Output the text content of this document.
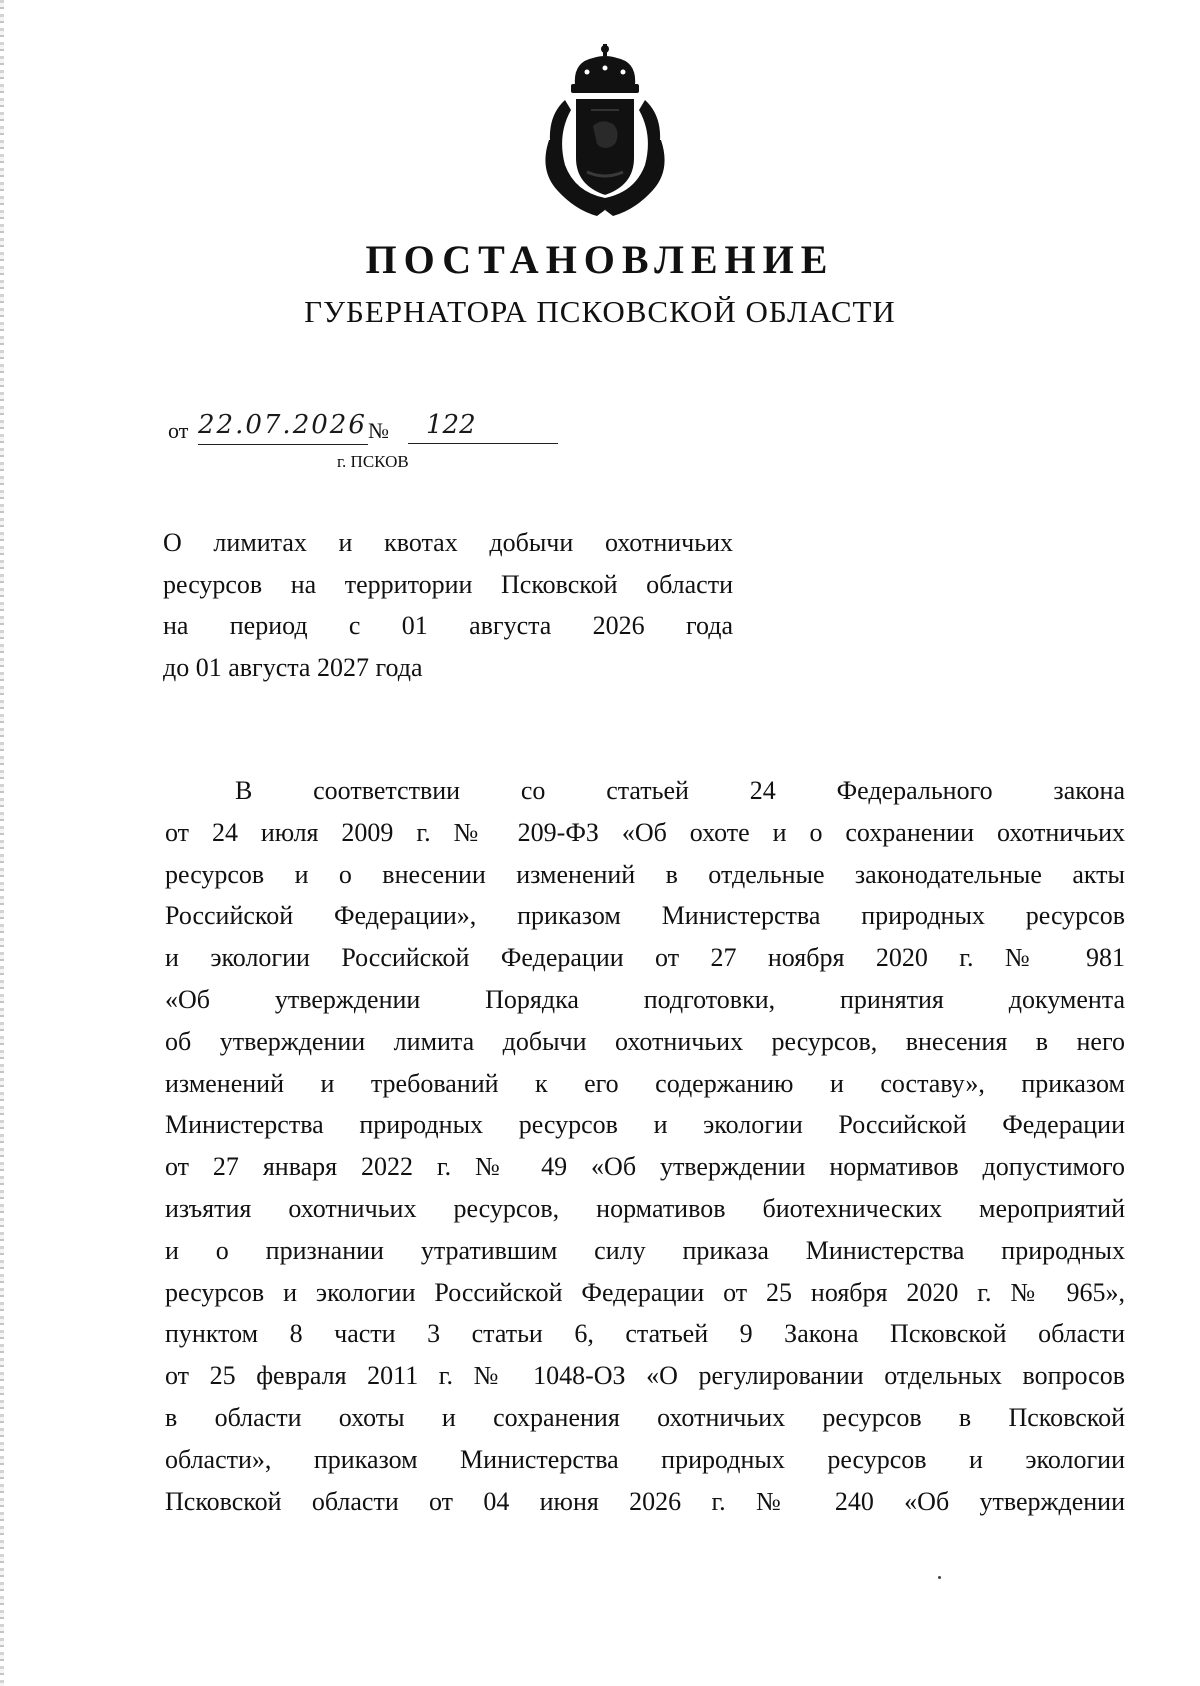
ПОСТАНОВЛЕНИЕ
ГУБЕРНАТОРА ПСКОВСКОЙ ОБЛАСТИ
от 22.07.2026 №	122
г. ПСКОВ
О лимитах и квотах добычи охотничьих
ресурсов на территории Псковской области
на период с 01 августа 2026 года
до 01 августа 2027 года
В соответствии со статьей 24 Федерального закона
от 24 июля 2009 г. № 209-ФЗ «Об охоте и о сохранении охотничьих
ресурсов и о внесении изменений в отдельные законодательные акты
Российской Федерации», приказом Министерства природных ресурсов
и экологии Российской Федерации от 27 ноября 2020 г. № 981
«Об утверждении Порядка подготовки, принятия документа
об утверждении лимита добычи охотничьих ресурсов, внесения в него
изменений и требований к его содержанию и составу», приказом
Министерства природных ресурсов и экологии Российской Федерации
от 27 января 2022 г. № 49 «Об утверждении нормативов допустимого
изъятия охотничьих ресурсов, нормативов биотехнических мероприятий
и о признании утратившим силу приказа Министерства природных
ресурсов и экологии Российской Федерации от 25 ноября 2020 г. № 965»,
пунктом 8 части 3 статьи 6, статьей 9 Закона Псковской области
от 25 февраля 2011 г. № 1048-ОЗ «О регулировании отдельных вопросов
в области охоты и сохранения охотничьих ресурсов в Псковской
области», приказом Министерства природных ресурсов и экологии
Псковской области от 04 июня 2026 г. № 240 «Об утверждении
